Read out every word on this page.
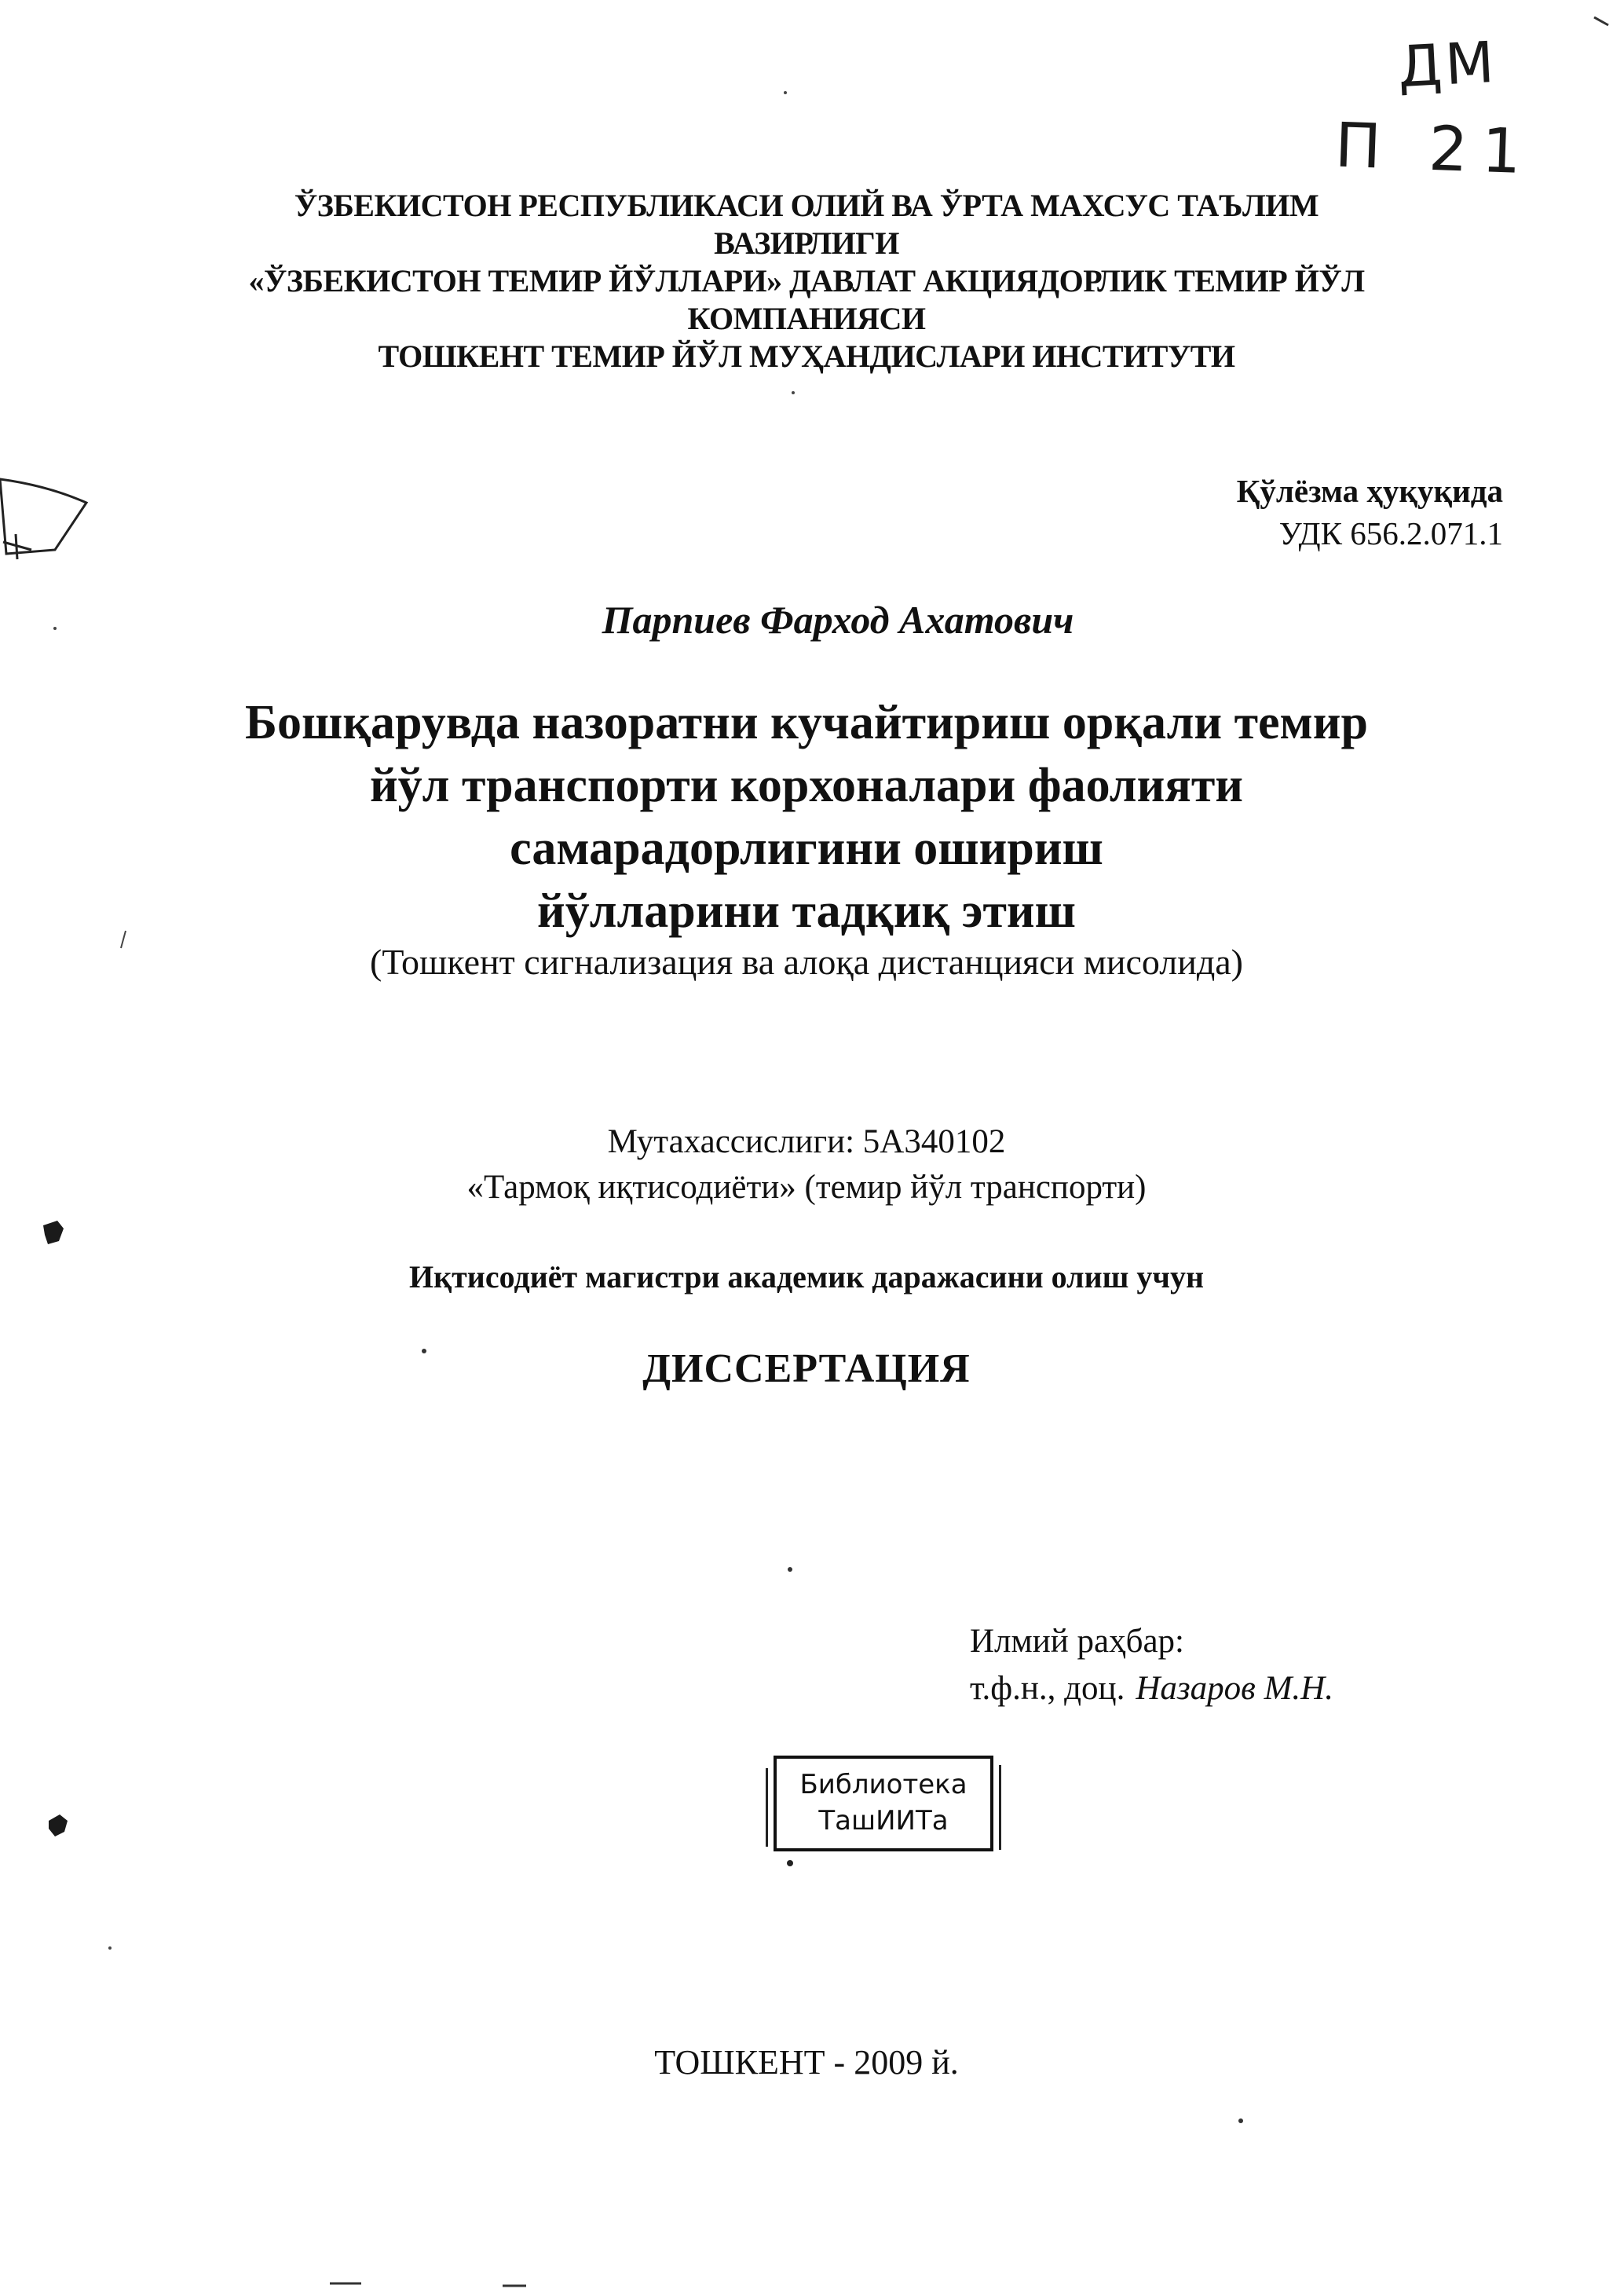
ДМ
П 21
ЎЗБЕКИСТОН РЕСПУБЛИКАСИ ОЛИЙ ВА ЎРТА МАХСУС ТАЪЛИМ
ВАЗИРЛИГИ
«ЎЗБЕКИСТОН ТЕМИР ЙЎЛЛАРИ» ДАВЛАТ АКЦИЯДОРЛИК ТЕМИР ЙЎЛ
КОМПАНИЯСИ
ТОШКЕНТ ТЕМИР ЙЎЛ МУҲАНДИСЛАРИ ИНСТИТУТИ
Қўлёзма ҳуқуқида
УДК 656.2.071.1
Парпиев Фарход Ахатович
Бошқарувда назоратни кучайтириш орқали темир
йўл транспорти корхоналари фаолияти
самарадорлигини ошириш
йўлларини тадқиқ этиш
(Тошкент сигнализация ва алоқа дистанцияси мисолида)
Мутахассислиги: 5А340102
«Тармоқ иқтисодиёти» (темир йўл транспорти)
Иқтисодиёт магистри академик даражасини олиш учун
ДИССЕРТАЦИЯ
Илмий раҳбар:
т.ф.н., доц. Назаров М.Н.
Библиотека
ТашИИТа
ТОШКЕНТ - 2009 й.
